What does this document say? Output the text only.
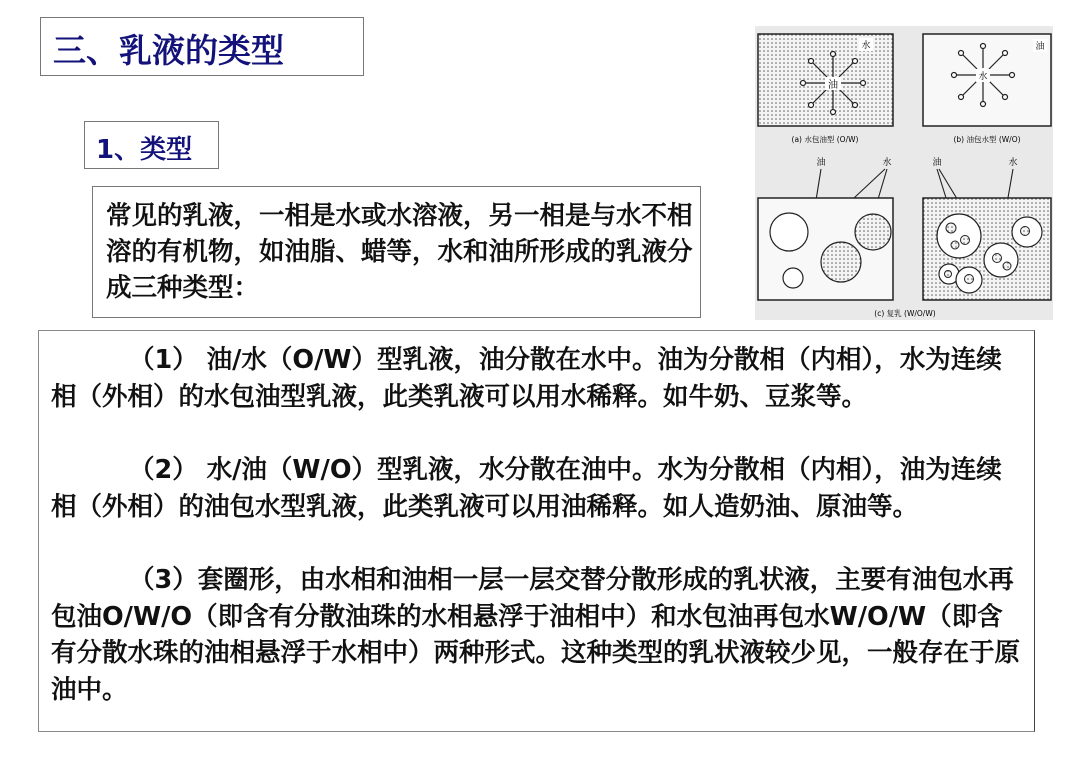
三、乳液的类型
1、类型

常见的乳液，一相是水或水溶液，另一相是与水不相溶的有机物，如油脂、蜡等，水和油所形成的乳液分成三种类型：

（1） 油/水（O/W）型乳液，油分散在水中。油为分散相（内相），水为连续相（外相）的水包油型乳液，此类乳液可以用水稀释。如牛奶、豆浆等。

（2） 水/油（W/O）型乳液，水分散在油中。水为分散相（内相），油为连续相（外相）的油包水型乳液，此类乳液可以用油稀释。如人造奶油、原油等。

（3）套圈形，由水相和油相一层一层交替分散形成的乳状液，主要有油包水再包油O/W/O（即含有分散油珠的水相悬浮于油相中）和水包油再包水W/O/W（即含有分散水珠的油相悬浮于水相中）两种形式。这种类型的乳状液较少见，一般存在于原油中。

油
水
(a) 水包油型 (O/W)
水
油
(b) 油包水型 (W/O)
油	水	油	水
(c) 复乳 (W/O/W)
